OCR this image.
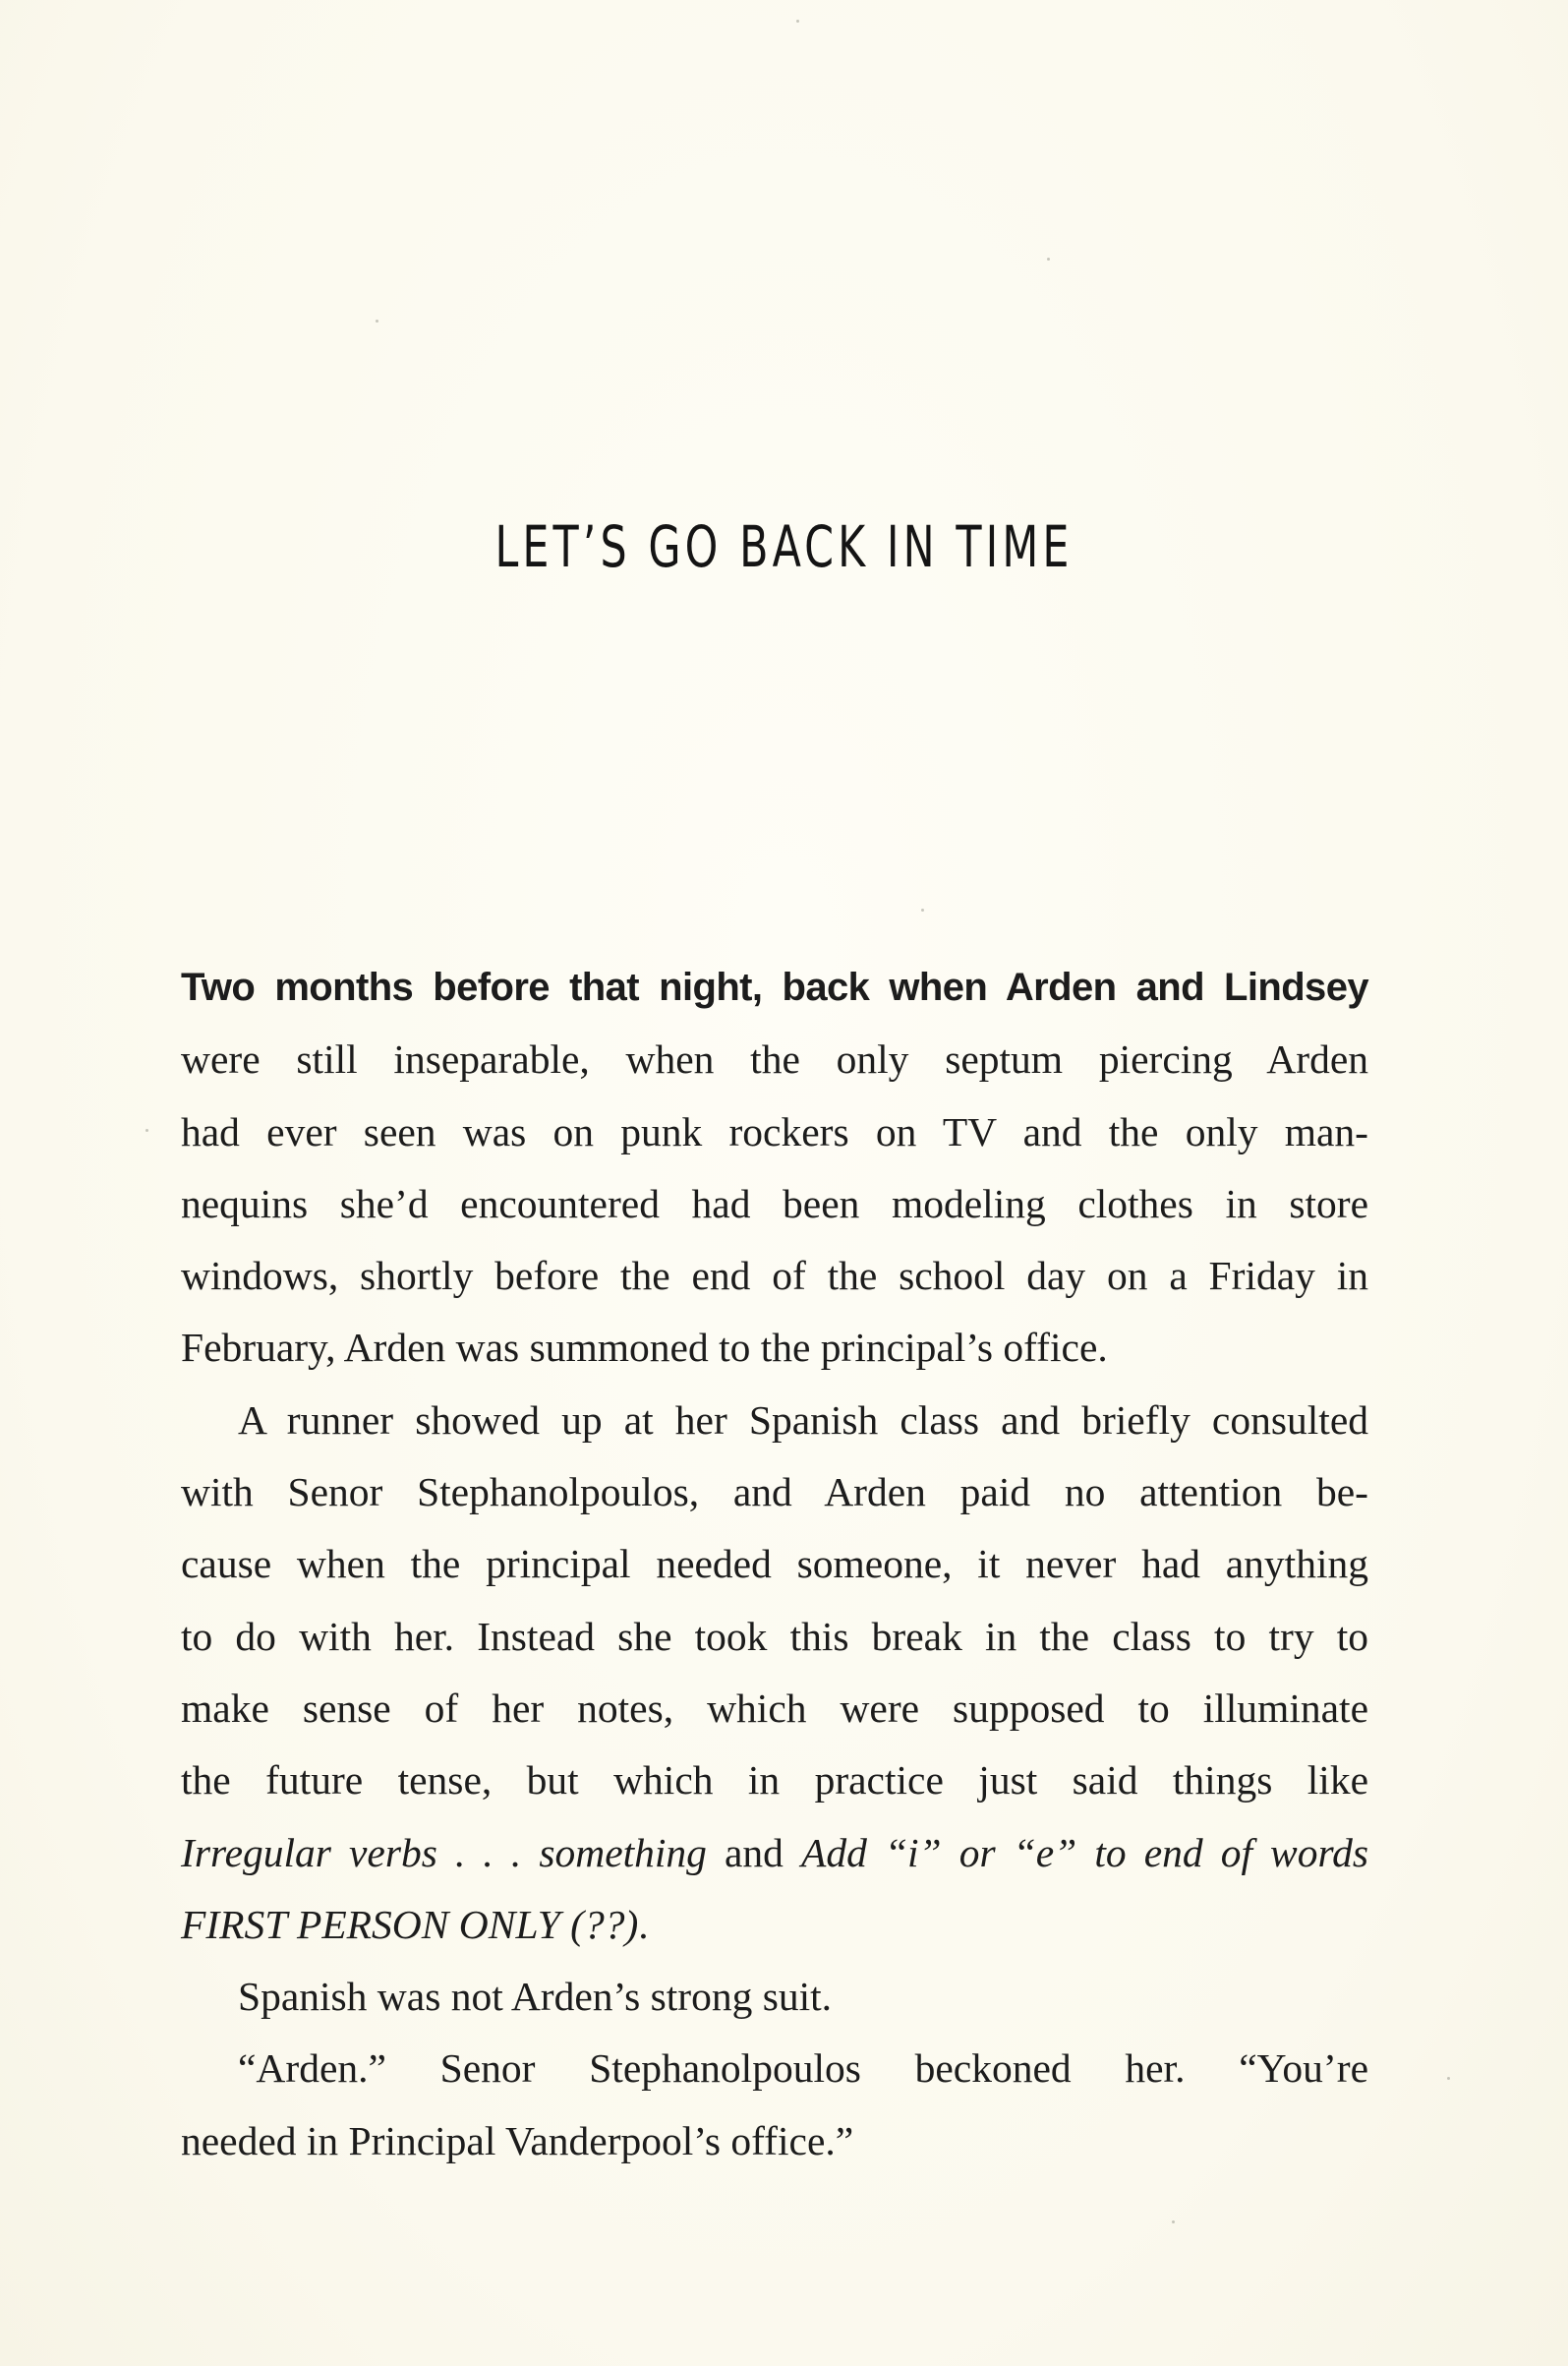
LET’S GO BACK IN TIME
Two months before that night, back when Arden and Lindsey
were still inseparable, when the only septum piercing Arden
had ever seen was on punk rockers on TV and the only man-
nequins she’d encountered had been modeling clothes in store
windows, shortly before the end of the school day on a Friday in
February, Arden was summoned to the principal’s office.
A runner showed up at her Spanish class and briefly consulted
with Senor Stephanolpoulos, and Arden paid no attention be-
cause when the principal needed someone, it never had anything
to do with her. Instead she took this break in the class to try to
make sense of her notes, which were supposed to illuminate
the future tense, but which in practice just said things like
Irregular verbs . . . something and Add “i” or “e” to end of words
FIRST PERSON ONLY (??).
Spanish was not Arden’s strong suit.
“Arden.” Senor Stephanolpoulos beckoned her. “You’re
needed in Principal Vanderpool’s office.”
